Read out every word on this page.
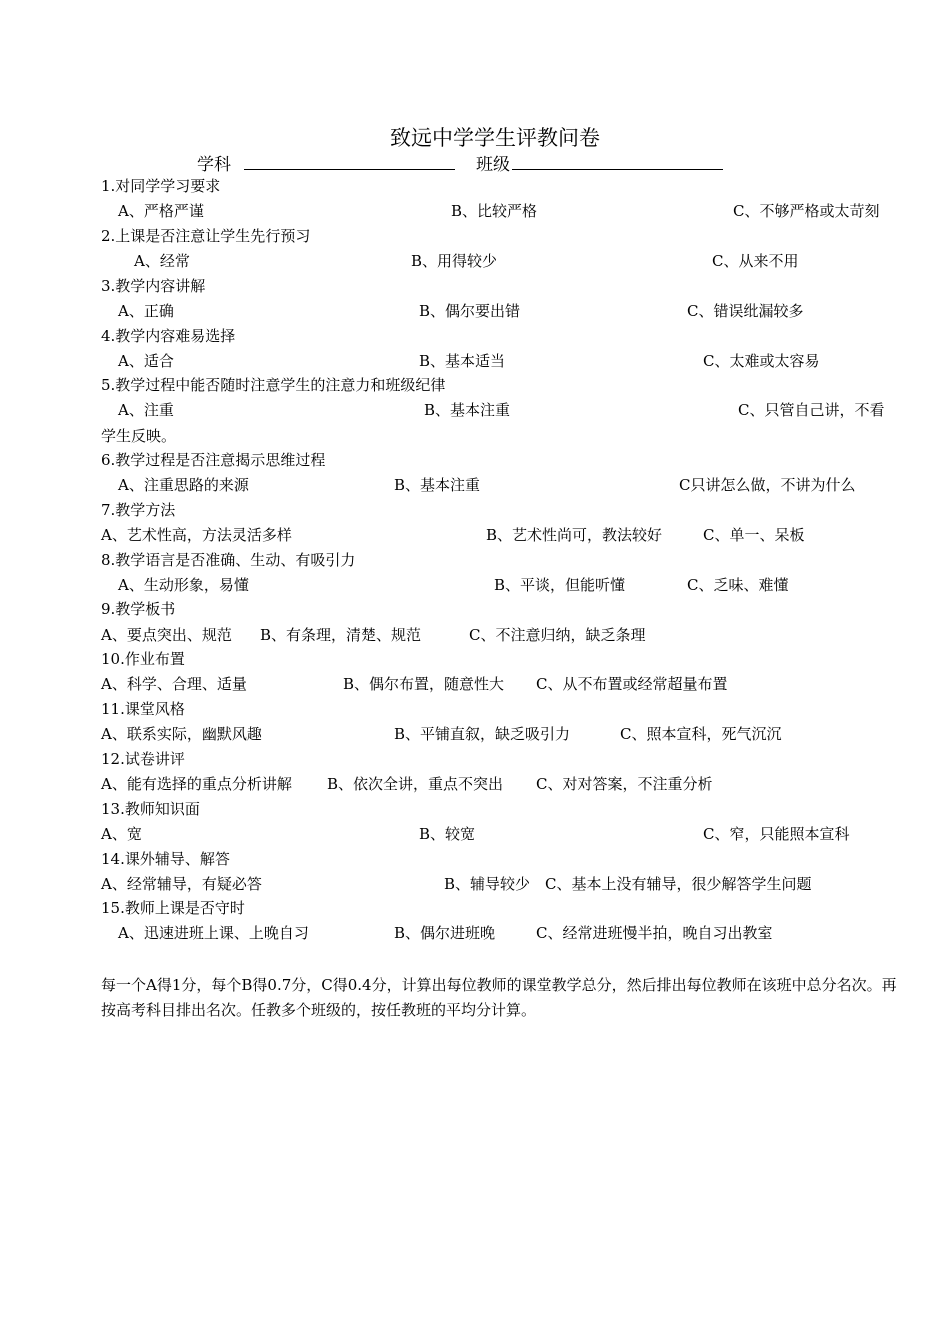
致远中学学生评教问卷
学科	班级
1.对同学学习要求
A、严格严谨	B、比较严格	C、不够严格或太苛刻
2.上课是否注意让学生先行预习
A、经常	B、用得较少	C、从来不用
3.教学内容讲解
A、正确	B、偶尔要出错	C、错误纰漏较多
4.教学内容难易选择
A、适合	B、基本适当	C、太难或太容易
5.教学过程中能否随时注意学生的注意力和班级纪律
A、注重	B、基本注重	C、只管自己讲，不看
学生反映。
6.教学过程是否注意揭示思维过程
A、注重思路的来源	B、基本注重	C只讲怎么做，不讲为什么
7.教学方法
A、艺术性高，方法灵活多样	B、艺术性尚可，教法较好	C、单一、呆板
8.教学语言是否准确、生动、有吸引力
A、生动形象，易懂	B、平谈，但能听懂	C、乏味、难懂
9.教学板书
A、要点突出、规范 B、有条理，清楚、规范	C、不注意归纳，缺乏条理
10.作业布置
A、科学、合理、适量	B、偶尔布置，随意性大 C、从不布置或经常超量布置
11.课堂风格
A、联系实际，幽默风趣	B、平铺直叙，缺乏吸引力	C、照本宣科，死气沉沉
12.试卷讲评
A、能有选择的重点分析讲解 B、依次全讲，重点不突出 C、对对答案，不注重分析
13.教师知识面
A、宽	B、较宽	C、窄，只能照本宣科
14.课外辅导、解答
A、经常辅导，有疑必答	B、辅导较少 C、基本上没有辅导，很少解答学生问题
15.教师上课是否守时
A、迅速进班上课、上晚自习	B、偶尔进班晚	C、经常进班慢半拍，晚自习出教室
每一个A得1分，每个B得0.7分，C得0.4分，计算出每位教师的课堂教学总分，然后排出每位教师在该班中总分名次。再按高考科目排出名次。任教多个班级的，按任教班的平均分计算。
